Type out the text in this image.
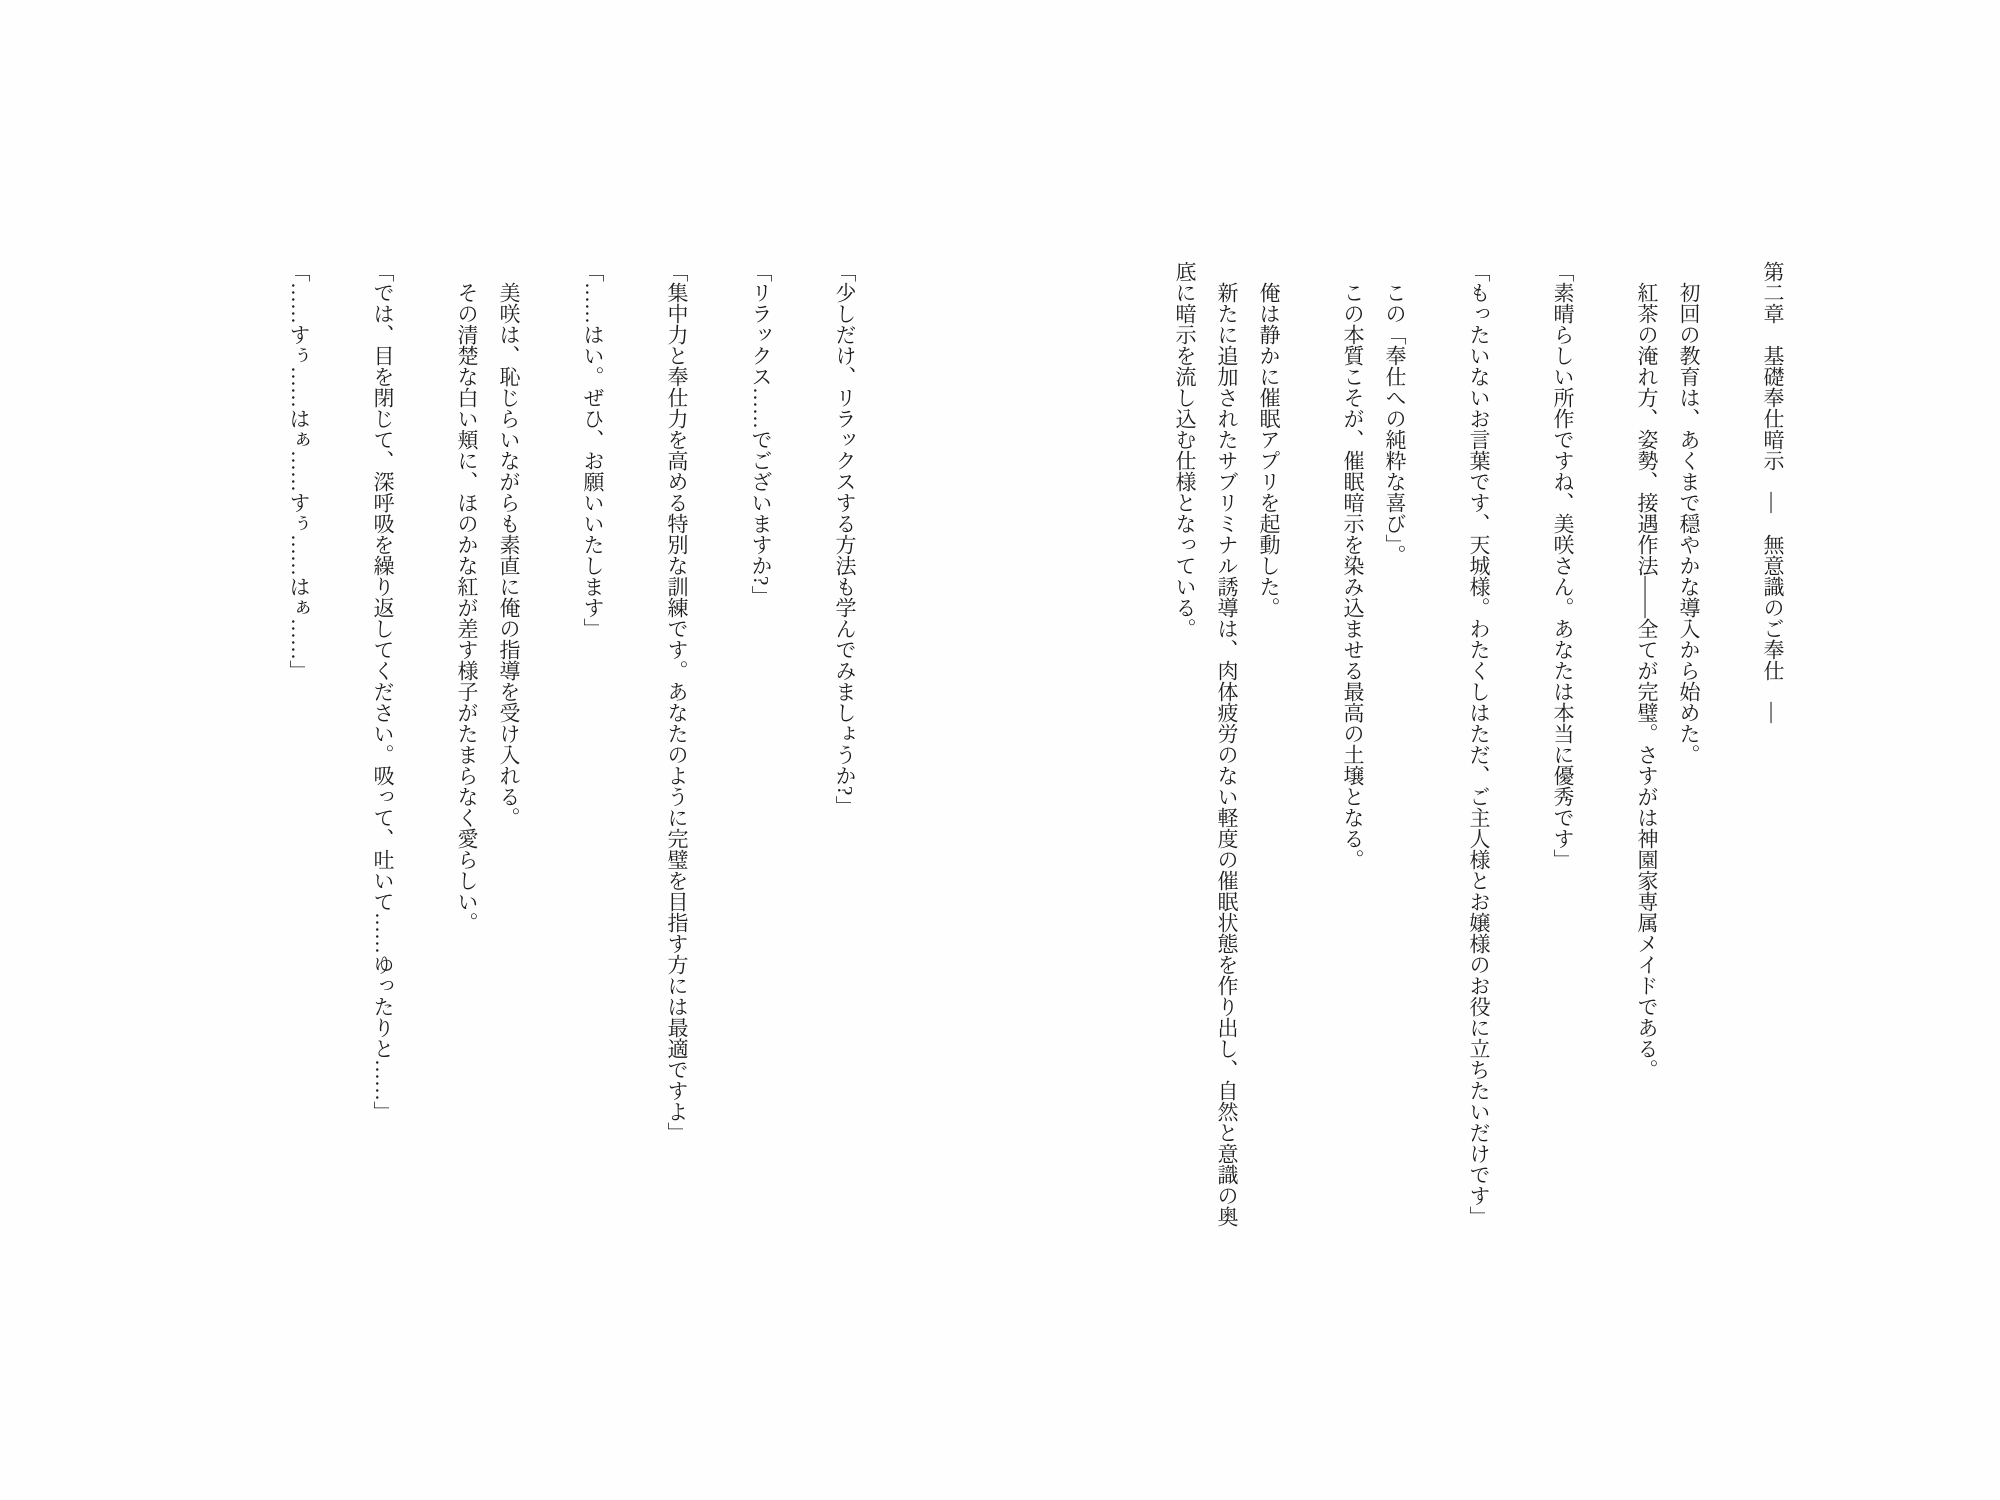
第二章　基礎奉仕暗示　―　無意識のご奉仕　―

初回の教育は、あくまで穏やかな導入から始めた。

紅茶の淹れ方、姿勢、接遇作法――全てが完璧。さすがは神園家専属メイドである。

「素晴らしい所作ですね、美咲さん。あなたは本当に優秀です」

「もったいないお言葉です、天城様。わたくしはただ、ご主人様とお嬢様のお役に立ちたいだけです」

この「奉仕への純粋な喜び」。

この本質こそが、催眠暗示を染み込ませる最高の土壌となる。

俺は静かに催眠アプリを起動した。

新たに追加されたサブリミナル誘導は、肉体疲労のない軽度の催眠状態を作り出し、自然と意識の奥底に暗示を流し込む仕様となっている。

「少しだけ、リラックスする方法も学んでみましょうか?」

「リラックス……でございますか?」

「集中力と奉仕力を高める特別な訓練です。あなたのように完璧を目指す方には最適ですよ」

「……はい。ぜひ、お願いいたします」

美咲は、恥じらいながらも素直に俺の指導を受け入れる。

その清楚な白い頬に、ほのかな紅が差す様子がたまらなく愛らしい。

「では、目を閉じて、深呼吸を繰り返してください。吸って、吐いて……ゆったりと……」

「……すぅ……はぁ……すぅ……はぁ……」
